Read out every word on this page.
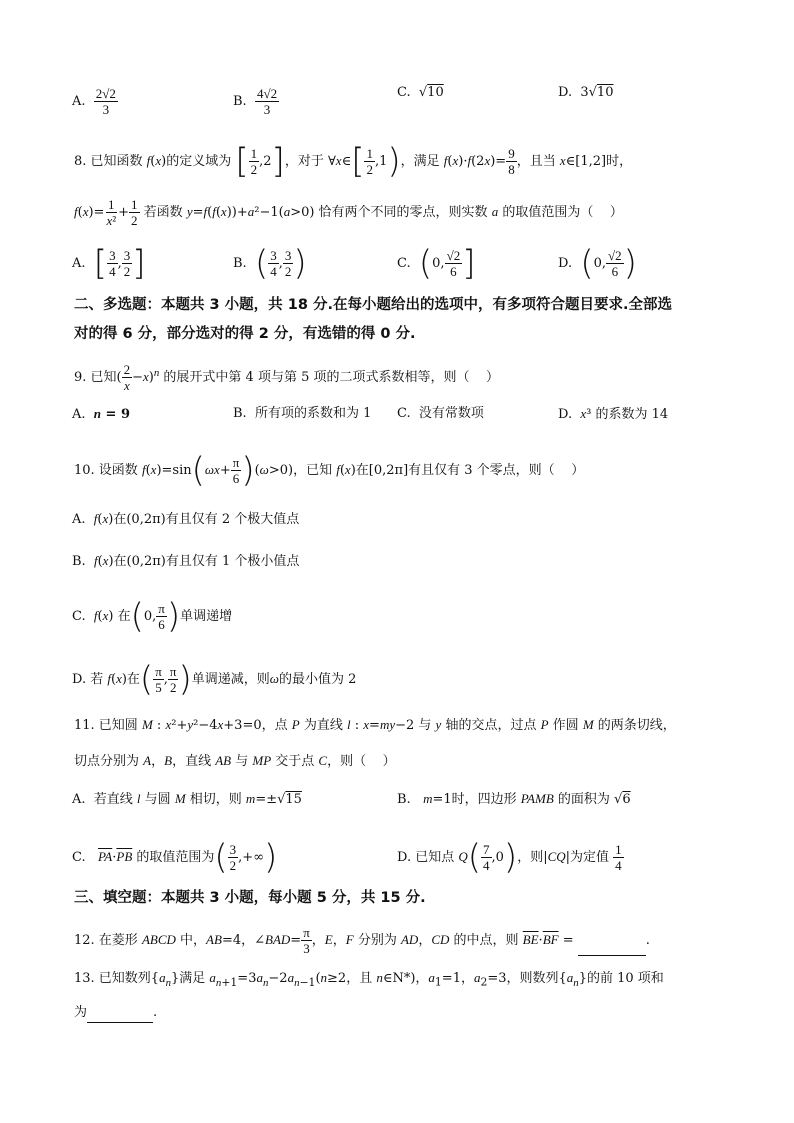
A. $\frac{2√2}{3}$	B. $\frac{4√2}{3}$	C.  √10	D.  3√10
8. 已知函数 f(x)的定义域为 [ $\frac{1}{2} ,2$]，对于 ∀x∈[ $\frac{1}{2} ,1$)，满足 $f(x)\cdot f(2x)= \frac{9}{8}$ ，且当 x∈[1,2]时，
$f(x)= \frac{1}{\text{x²}} + \frac{1}{2}$ 若函数 y=f(f(x))+a²−1(a>0) 恰有两个不同的零点，则实数 a 的取值范围为（    ）
A.  [ $\frac{3}{4}$ , $\frac{3}{2}$ ]	B.  ( $\frac{3}{4}$ , $\frac{3}{2}$ )	C.  (0, $\frac{√2}{6}$ ]	D.  (0, $\frac{√2}{6}$ )
二、多选题：本题共 3 小题，共 18 分.在每小题给出的选项中，有多项符合题目要求.全部选
对的得 6 分，部分选对的得 2 分，有选错的得 0 分.
9. 已知( $\frac{2}{x} -x)^n$ 的展开式中第 4 项与第 5 项的二项式系数相等，则（    ）
A.  n = 9	B.  所有项的系数和为 1 C.  没有常数项	D.  x³ 的系数为 14
10. 设函数 $f(x)=\sin(\omega x+ \frac{\pi}{6} )(\omega>0)$，已知 f(x)在[0,2π]有且仅有 3 个零点，则（    ）
A.  f(x)在(0,2π)有且仅有 2 个极大值点
B.  f(x)在(0,2π)有且仅有 1 个极小值点
C.  f(x) 在(0, $\frac{\pi}{6}$ )单调递增
D. 若 f(x)在( $\frac{\pi}{5}$ , $\frac{\pi}{2}$ )单调递减，则ω的最小值为 2
11. 已知圆 M : x²+y²−4x+3=0，点 P 为直线 l : x=my−2 与 y 轴的交点，过点 P 作圆 M 的两条切线，
切点分别为 A，B，直线 AB 与 MP 交于点 C，则（    ）
A.  若直线 l 与圆 M 相切，则 m=±√15	B.   m=1时，四边形 PAMB 的面积为 √6
C.   $\overline{PA}\cdot\overline{PB}$ 的取值范围为( $\frac{3}{2}$ ,+∞)	D. 已知点 $Q( \frac{7}{4} ,0)$，则|CQ|为定值 $\frac{1}{4}$
三、填空题：本题共 3 小题，每小题 5 分，共 15 分.
12. 在菱形 ABCD 中，AB=4，∠BAD= $\frac{\pi}{3}$ ，E，F 分别为 AD，CD 的中点，则 $\overline{BE}\cdot\overline{BF}$ =	.
13. 已知数列$\{a_n\}$满足 $a_{n+1}=3a_n-2a_{n-1}(n\ge 2$，且 n∈N*)，$a_1=1$，$a_2=3$，则数列$\{a_n\}$的前 10 项和
为	.
